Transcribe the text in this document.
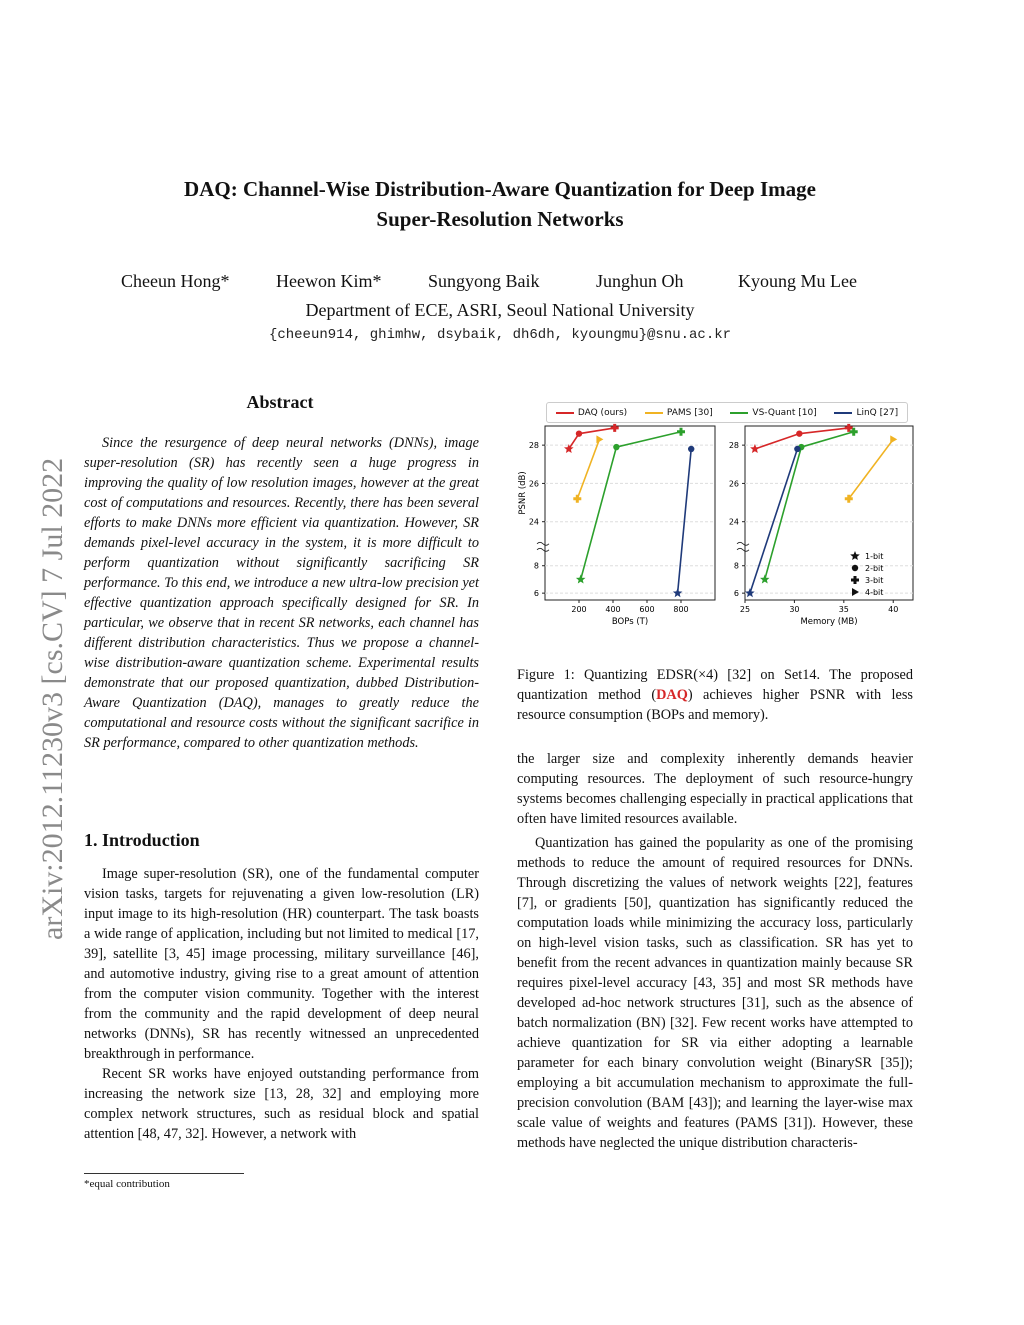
arXiv:2012.11230v3 [cs.CV] 7 Jul 2022
DAQ: Channel-Wise Distribution-Aware Quantization for Deep Image
Super-Resolution Networks
Cheeun Hong*	Heewon Kim*	Sungyong Baik	Junghun Oh	Kyoung Mu Lee
Department of ECE, ASRI, Seoul National University
{cheeun914, ghimhw, dsybaik, dh6dh, kyoungmu}@snu.ac.kr
Abstract

Since the resurgence of deep neural networks (DNNs), image super-resolution (SR) has recently seen a huge progress in improving the quality of low resolution images, however at the great cost of computations and resources. Recently, there has been several efforts to make DNNs more efficient via quantization. However, SR demands pixel-level accuracy in the system, it is more difficult to perform quantization without significantly sacrificing SR performance. To this end, we introduce a new ultra-low precision yet effective quantization approach specifically designed for SR. In particular, we observe that in recent SR networks, each channel has different distribution characteristics. Thus we propose a channel-wise distribution-aware quantization scheme. Experimental results demonstrate that our proposed quantization, dubbed Distribution-Aware Quantization (DAQ), manages to greatly reduce the computational and resource costs without the significant sacrifice in SR performance, compared to other quantization methods.

1. Introduction

Image super-resolution (SR), one of the fundamental computer vision tasks, targets for rejuvenating a given low-resolution (LR) input image to its high-resolution (HR) counterpart. The task boasts a wide range of application, including but not limited to medical [17, 39], satellite [3, 45] image processing, military surveillance [46], and automotive industry, giving rise to a great amount of attention from the computer vision community. Together with the interest from the community and the rapid development of deep neural networks (DNNs), SR has recently witnessed an unprecedented breakthrough in performance.

Recent SR works have enjoyed outstanding performance from increasing the network size [13, 28, 32] and employing more complex network structures, such as residual block and spatial attention [48, 47, 32]. However, a network with

*equal contribution
DAQ (ours)	PAMS [30]	VS-Quant [10]	LinQ [27]
6
8
24
26
28
200 400 600 800
BOPs (T)
PSNR (dB)
6
8
24
26
28
25	30	35	40
Memory (MB)
1-bit
2-bit
3-bit
4-bit
Figure 1: Quantizing EDSR(×4) [32] on Set14. The proposed quantization method (DAQ) achieves higher PSNR with less resource consumption (BOPs and memory).

the larger size and complexity inherently demands heavier computing resources. The deployment of such resource-hungry systems becomes challenging especially in practical applications that often have limited resources available.

Quantization has gained the popularity as one of the promising methods to reduce the amount of required resources for DNNs. Through discretizing the values of network weights [22], features [7], or gradients [50], quantization has significantly reduced the computation loads while minimizing the accuracy loss, particularly on high-level vision tasks, such as classification. SR has yet to benefit from the recent advances in quantization mainly because SR requires pixel-level accuracy [43, 35] and most SR methods have developed ad-hoc network structures [31], such as the absence of batch normalization (BN) [32]. Few recent works have attempted to achieve quantization for SR via either adopting a learnable parameter for each binary convolution weight (BinarySR [35]); employing a bit accumulation mechanism to approximate the full-precision convolution (BAM [43]); and learning the layer-wise max scale value of weights and features (PAMS [31]). However, these methods have neglected the unique distribution characteris-
